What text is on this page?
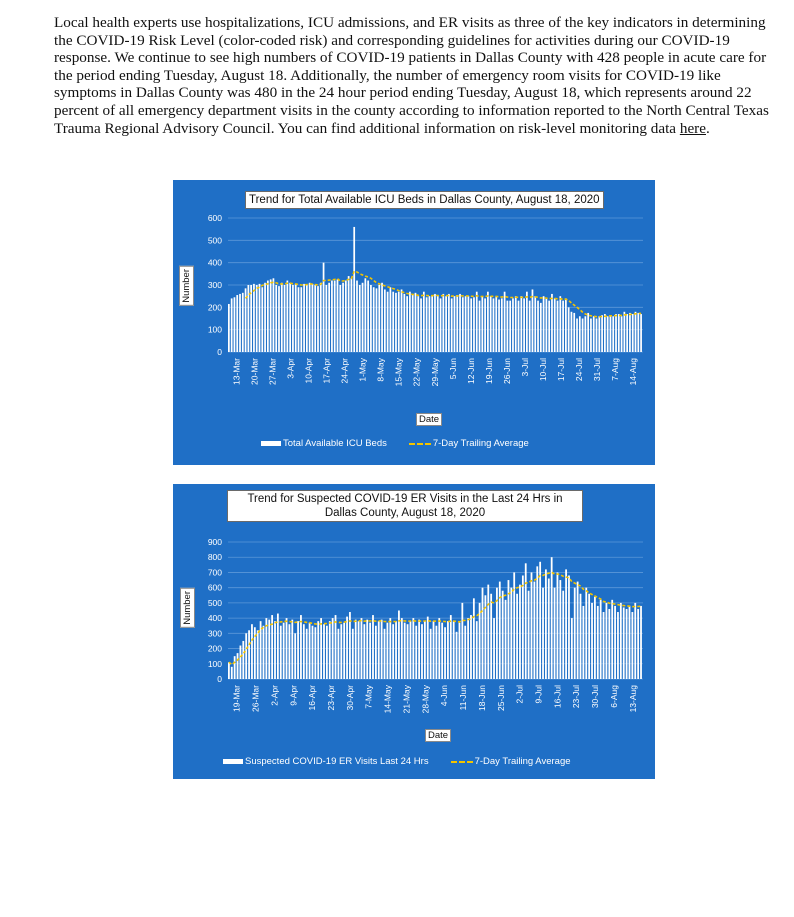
Local health experts use hospitalizations, ICU admissions, and ER visits as three of the key indicators in determining the COVID-19 Risk Level (color-coded risk) and corresponding guidelines for activities during our COVID-19 response. We continue to see high numbers of COVID-19 patients in Dallas County with 428 people in acute care for the period ending Tuesday, August 18. Additionally, the number of emergency room visits for COVID-19 like symptoms in Dallas County was 480 in the 24 hour period ending Tuesday, August 18, which represents around 22 percent of all emergency department visits in the county according to information reported to the North Central Texas Trauma Regional Advisory Council. You can find additional information on risk-level monitoring data here.

600
500
400
300
200
100
0
13-Mar 20-Mar 27-Mar 3-Apr 10-Apr 17-Apr 24-Apr 1-May 8-May 15-May 22-May 29-May 5-Jun 12-Jun 19-Jun 26-Jun 3-Jul 10-Jul 17-Jul 24-Jul 31-Jul 7-Aug 14-Aug
Trend for Total Available ICU Beds in Dallas County, August 18, 2020
Number
Date
Total Available ICU Beds	7-Day Trailing Average
900
800
700
600
500
400
300
200
100
0
19-Mar 26-Mar 2-Apr 9-Apr 16-Apr 23-Apr 30-Apr 7-May 14-May 21-May 28-May 4-Jun 11-Jun 18-Jun 25-Jun 2-Jul 9-Jul 16-Jul 23-Jul 30-Jul 6-Aug 13-Aug
Trend for Suspected COVID-19 ER Visits in the Last 24 Hrs in
Dallas County, August 18, 2020
Number
Date
Suspected COVID-19 ER Visits Last 24 Hrs	7-Day Trailing Average
